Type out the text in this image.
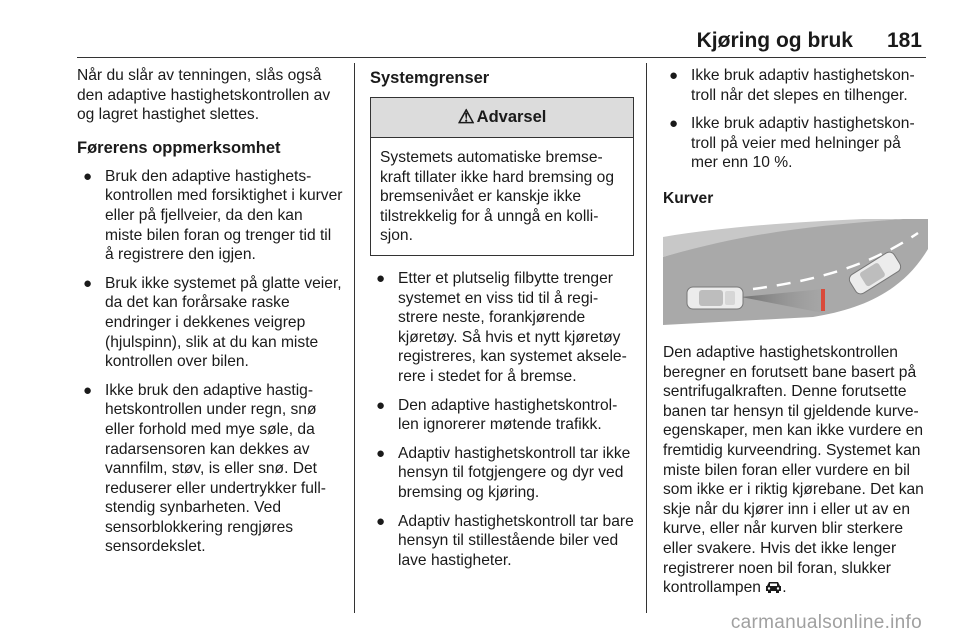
Kjøring og bruk 181

Når du slår av tenningen, slås også den adaptive hastighetskontrollen av og lagret hastighet slettes.

Førerens oppmerksomhet
● Bruk den adaptive hastighets-kontrollen med forsiktighet i kurver eller på fjellveier, da den kan miste bilen foran og trenger tid til å registrere den igjen.
● Bruk ikke systemet på glatte veier, da det kan forårsake raske endringer i dekkenes veigrep (hjulspinn), slik at du kan miste kontrollen over bilen.
● Ikke bruk den adaptive hastig-hetskontrollen under regn, snø eller forhold med mye søle, da radarsensoren kan dekkes av vannfilm, støv, is eller snø. Det reduserer eller undertrykker full-stendig synbarheten. Ved sensorblokkering rengjøres sensordekslet.
Systemgrenser
⚠ Advarsel
Systemets automatiske bremse-kraft tillater ikke hard bremsing og bremsenivået er kanskje ikke tilstrekkelig for å unngå en kolli-sjon.
● Etter et plutselig filbytte trenger systemet en viss tid til å regi-strere neste, forankjørende kjøretøy. Så hvis et nytt kjøretøy registreres, kan systemet aksele-rere i stedet for å bremse.
● Den adaptive hastighetskontrol-len ignorerer møtende trafikk.
● Adaptiv hastighetskontroll tar ikke hensyn til fotgjengere og dyr ved bremsing og kjøring.
● Adaptiv hastighetskontroll tar bare hensyn til stillestående biler ved lave hastigheter.
● Ikke bruk adaptiv hastighetskon-troll når det slepes en tilhenger.
● Ikke bruk adaptiv hastighetskon-troll på veier med helninger på mer enn 10 %.
Kurver

Den adaptive hastighetskontrollen beregner en forutsett bane basert på sentrifugalkraften. Denne forutsette banen tar hensyn til gjeldende kurve-egenskaper, men kan ikke vurdere en fremtidig kurveendring. Systemet kan miste bilen foran eller vurdere en bil som ikke er i riktig kjørebane. Det kan skje når du kjører inn i eller ut av en kurve, eller når kurven blir sterkere eller svakere. Hvis det ikke lenger registrerer noen bil foran, slukker kontrollampen .

carmanualsonline.info
